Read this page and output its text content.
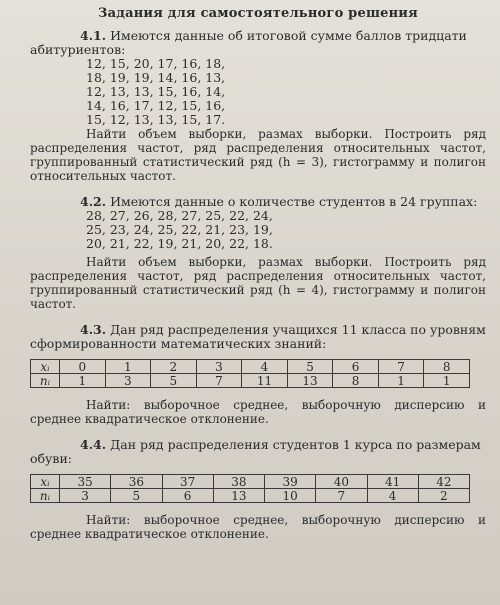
Задания для самостоятельного решения

4.1. Имеются данные об итоговой сумме баллов тридцати абитуриентов:

12, 15, 20, 17, 16, 18,

18, 19, 19, 14, 16, 13,

12, 13, 13, 15, 16, 14,

14, 16, 17, 12, 15, 16,

15, 12, 13, 13, 15, 17.

Найти объем выборки, размах выборки. Построить ряд распределения частот, ряд распределения относительных частот, группированный статистический ряд (h = 3), гистограмму и полигон относительных частот.

4.2. Имеются данные о количестве студентов в 24 группах:

28, 27, 26, 28, 27, 25, 22, 24,

25, 23, 24, 25, 22, 21, 23, 19,

20, 21, 22, 19, 21, 20, 22, 18.

Найти объем выборки, размах выборки. Построить ряд распределения частот, ряд распределения относительных частот, группированный статистический ряд (h = 4), гистограмму и полигон частот.

4.3. Дан ряд распределения учащихся 11 класса по уровням сформированности математических знаний:

xᵢ	0	1	2	3	4	5	6	7	8
nᵢ	1	3	5	7	11	13	8	1	1

Найти: выборочное среднее, выборочную дисперсию и среднее квадратическое отклонение.

4.4. Дан ряд распределения студентов 1 курса по размерам обуви:

xᵢ	35	36	37	38	39	40	41	42
nᵢ	3	5	6	13	10	7	4	2

Найти: выборочное среднее, выборочную дисперсию и среднее квадратическое отклонение.
